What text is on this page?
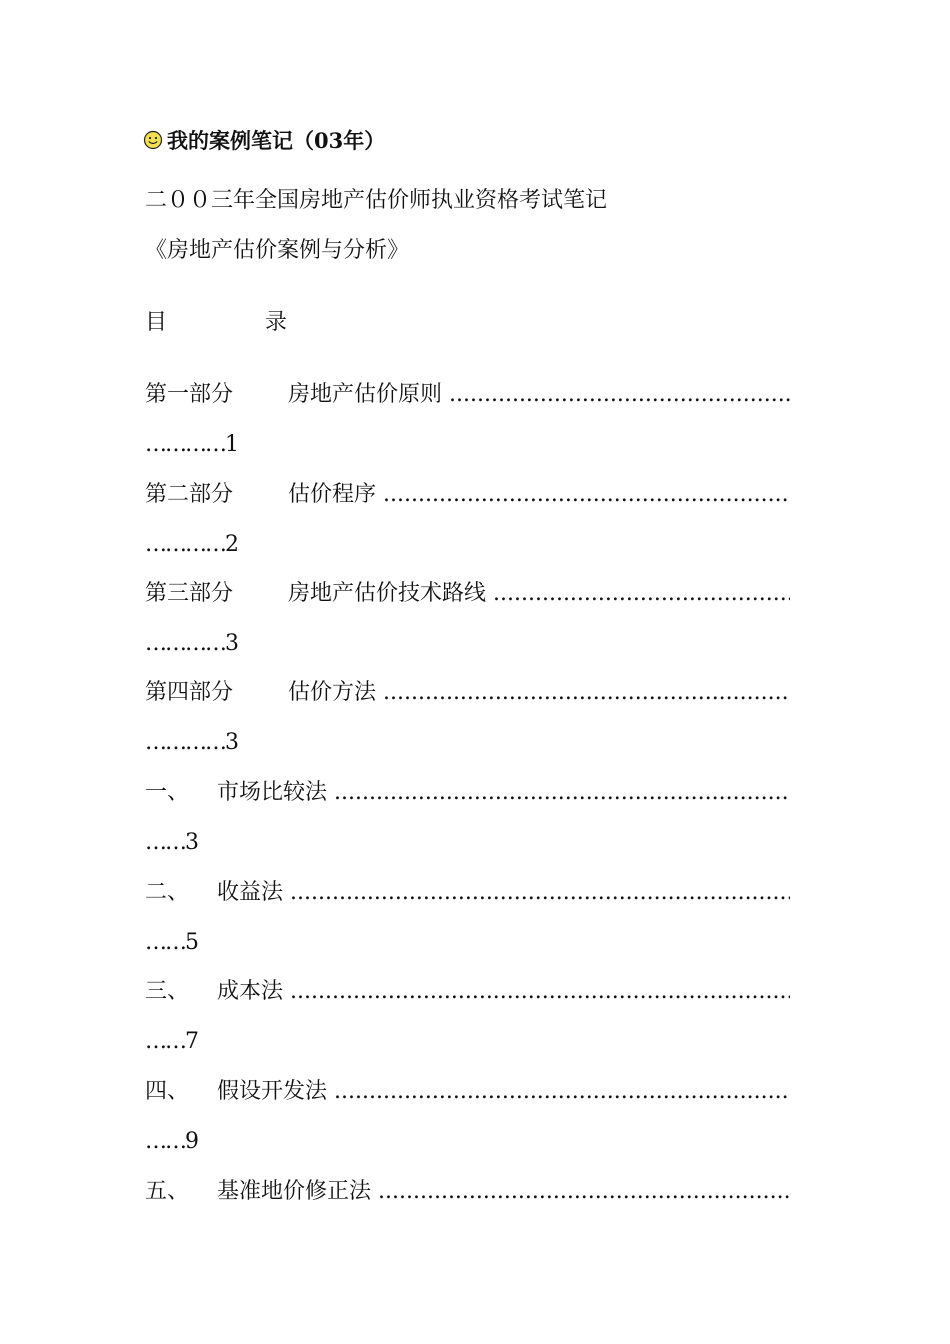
我的案例笔记（03年）
二００三年全国房地产估价师执业资格考试笔记
《房地产估价案例与分析》
目	录
第一部分 房地产估价原则 .....
…………1
第二部分 估价程序 .....
…………2
第三部分 房地产估价技术路线 .....
…………3
第四部分 估价方法 .....
…………3
一、 市场比较法 .....
……3
二、 收益法 .....
……5
三、 成本法 .....
……7
四、 假设开发法 .....
……9
五、 基准地价修正法 .....
